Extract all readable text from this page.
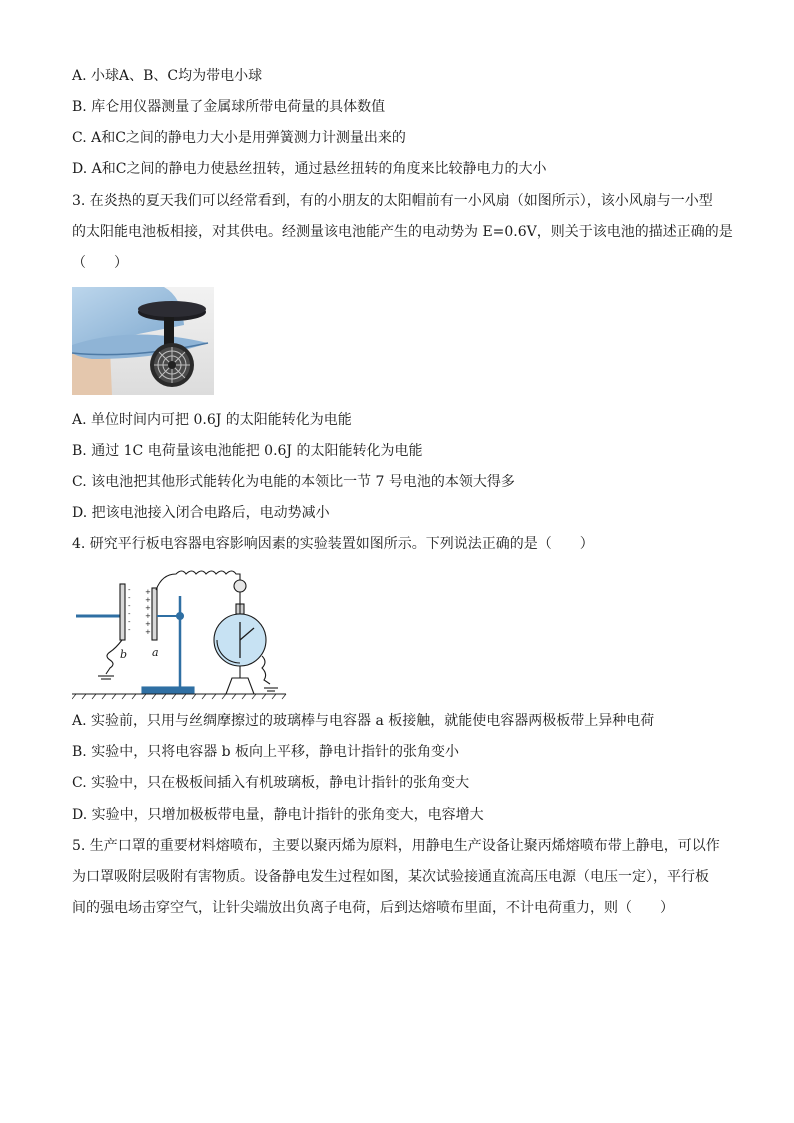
A. 小球A、B、C均为带电小球
B. 库仑用仪器测量了金属球所带电荷量的具体数值
C. A和C之间的静电力大小是用弹簧测力计测量出来的
D. A和C之间的静电力使悬丝扭转，通过悬丝扭转的角度来比较静电力的大小
3. 在炎热的夏天我们可以经常看到，有的小朋友的太阳帽前有一小风扇（如图所示），该小风扇与一小型
的太阳能电池板相接，对其供电。经测量该电池能产生的电动势为 E=0.6V，则关于该电池的描述正确的是
（　　）
A. 单位时间内可把 0.6J 的太阳能转化为电能
B. 通过 1C 电荷量该电池能把 0.6J 的太阳能转化为电能
C. 该电池把其他形式能转化为电能的本领比一节 7 号电池的本领大得多
D. 把该电池接入闭合电路后，电动势减小
4. 研究平行板电容器电容影响因素的实验装置如图所示。下列说法正确的是（　　）
-
-
-
-
-
-
+
+
+
+
+
+
b a
A. 实验前，只用与丝绸摩擦过的玻璃棒与电容器 a 板接触，就能使电容器两极板带上异种电荷
B. 实验中，只将电容器 b 板向上平移，静电计指针的张角变小
C. 实验中，只在极板间插入有机玻璃板，静电计指针的张角变大
D. 实验中，只增加极板带电量，静电计指针的张角变大，电容增大
5. 生产口罩的重要材料熔喷布，主要以聚丙烯为原料，用静电生产设备让聚丙烯熔喷布带上静电，可以作
为口罩吸附层吸附有害物质。设备静电发生过程如图，某次试验接通直流高压电源（电压一定），平行板
间的强电场击穿空气，让针尖端放出负离子电荷，后到达熔喷布里面，不计电荷重力，则（　　）
